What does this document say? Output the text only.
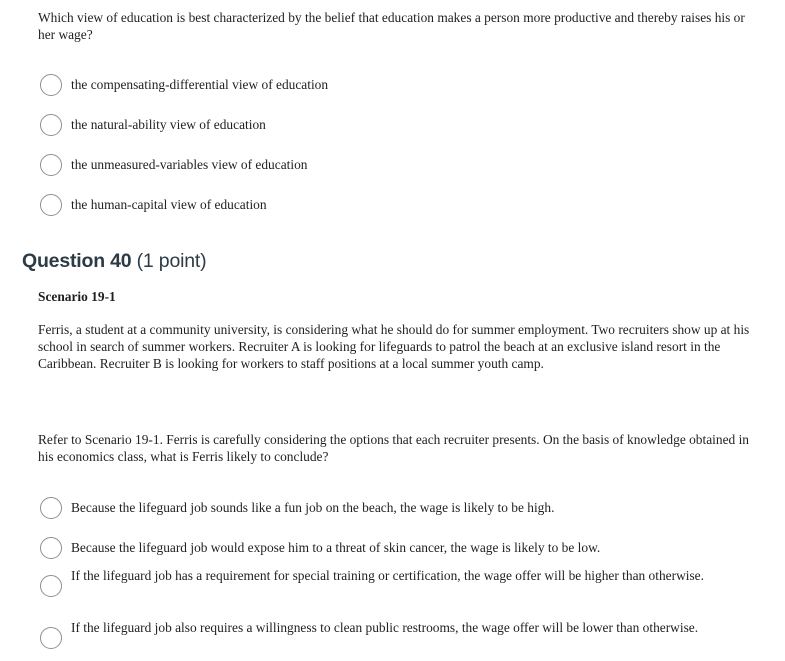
Which view of education is best characterized by the belief that education makes a person more productive and thereby raises his or her wage?
the compensating-differential view of education
the natural-ability view of education
the unmeasured-variables view of education
the human-capital view of education
Question 40 (1 point)
Scenario 19-1
Ferris, a student at a community university, is considering what he should do for summer employment. Two recruiters show up at his school in search of summer workers. Recruiter A is looking for lifeguards to patrol the beach at an exclusive island resort in the Caribbean. Recruiter B is looking for workers to staff positions at a local summer youth camp.
Refer to Scenario 19-1. Ferris is carefully considering the options that each recruiter presents. On the basis of knowledge obtained in his economics class, what is Ferris likely to conclude?
Because the lifeguard job sounds like a fun job on the beach, the wage is likely to be high.
Because the lifeguard job would expose him to a threat of skin cancer, the wage is likely to be low.
If the lifeguard job has a requirement for special training or certification, the wage offer will be higher than otherwise.
If the lifeguard job also requires a willingness to clean public restrooms, the wage offer will be lower than otherwise.
